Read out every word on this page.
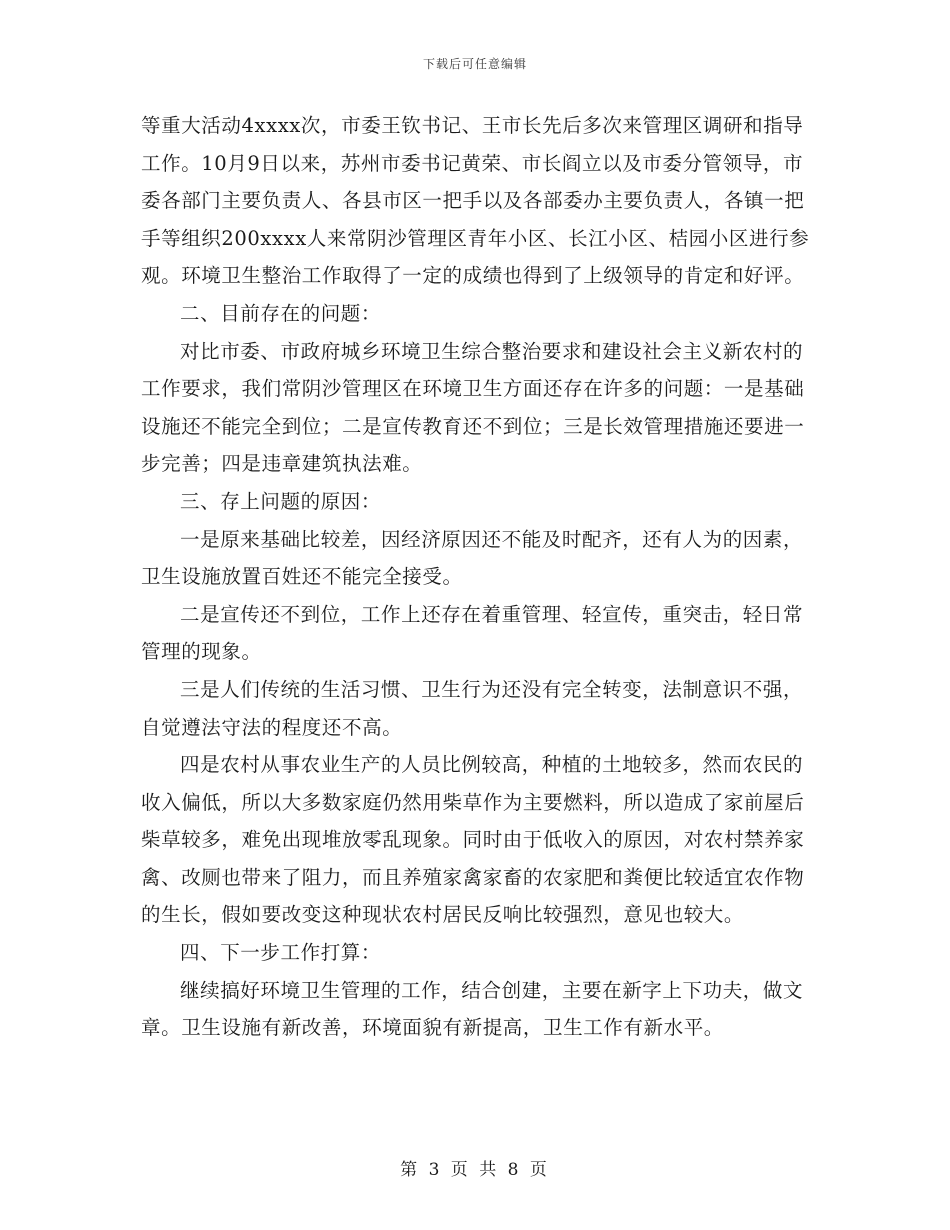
下载后可任意编辑

等重大活动4xxxx次，市委王钦书记、王市长先后多次来管理区调研和指导工作。10月9日以来，苏州市委书记黄荣、市长阎立以及市委分管领导，市委各部门主要负责人、各县市区一把手以及各部委办主要负责人，各镇一把手等组织200xxxx人来常阴沙管理区青年小区、长江小区、桔园小区进行参观。环境卫生整治工作取得了一定的成绩也得到了上级领导的肯定和好评。

二、目前存在的问题：

对比市委、市政府城乡环境卫生综合整治要求和建设社会主义新农村的工作要求，我们常阴沙管理区在环境卫生方面还存在许多的问题：一是基础设施还不能完全到位；二是宣传教育还不到位；三是长效管理措施还要进一步完善；四是违章建筑执法难。

三、存上问题的原因：

一是原来基础比较差，因经济原因还不能及时配齐，还有人为的因素，卫生设施放置百姓还不能完全接受。

二是宣传还不到位，工作上还存在着重管理、轻宣传，重突击，轻日常管理的现象。

三是人们传统的生活习惯、卫生行为还没有完全转变，法制意识不强，自觉遵法守法的程度还不高。

四是农村从事农业生产的人员比例较高，种植的土地较多，然而农民的收入偏低，所以大多数家庭仍然用柴草作为主要燃料，所以造成了家前屋后柴草较多，难免出现堆放零乱现象。同时由于低收入的原因，对农村禁养家禽、改厕也带来了阻力，而且养殖家禽家畜的农家肥和粪便比较适宜农作物的生长，假如要改变这种现状农村居民反响比较强烈，意见也较大。

四、下一步工作打算：

继续搞好环境卫生管理的工作，结合创建，主要在新字上下功夫，做文章。卫生设施有新改善，环境面貌有新提高，卫生工作有新水平。

第 3 页 共 8 页
